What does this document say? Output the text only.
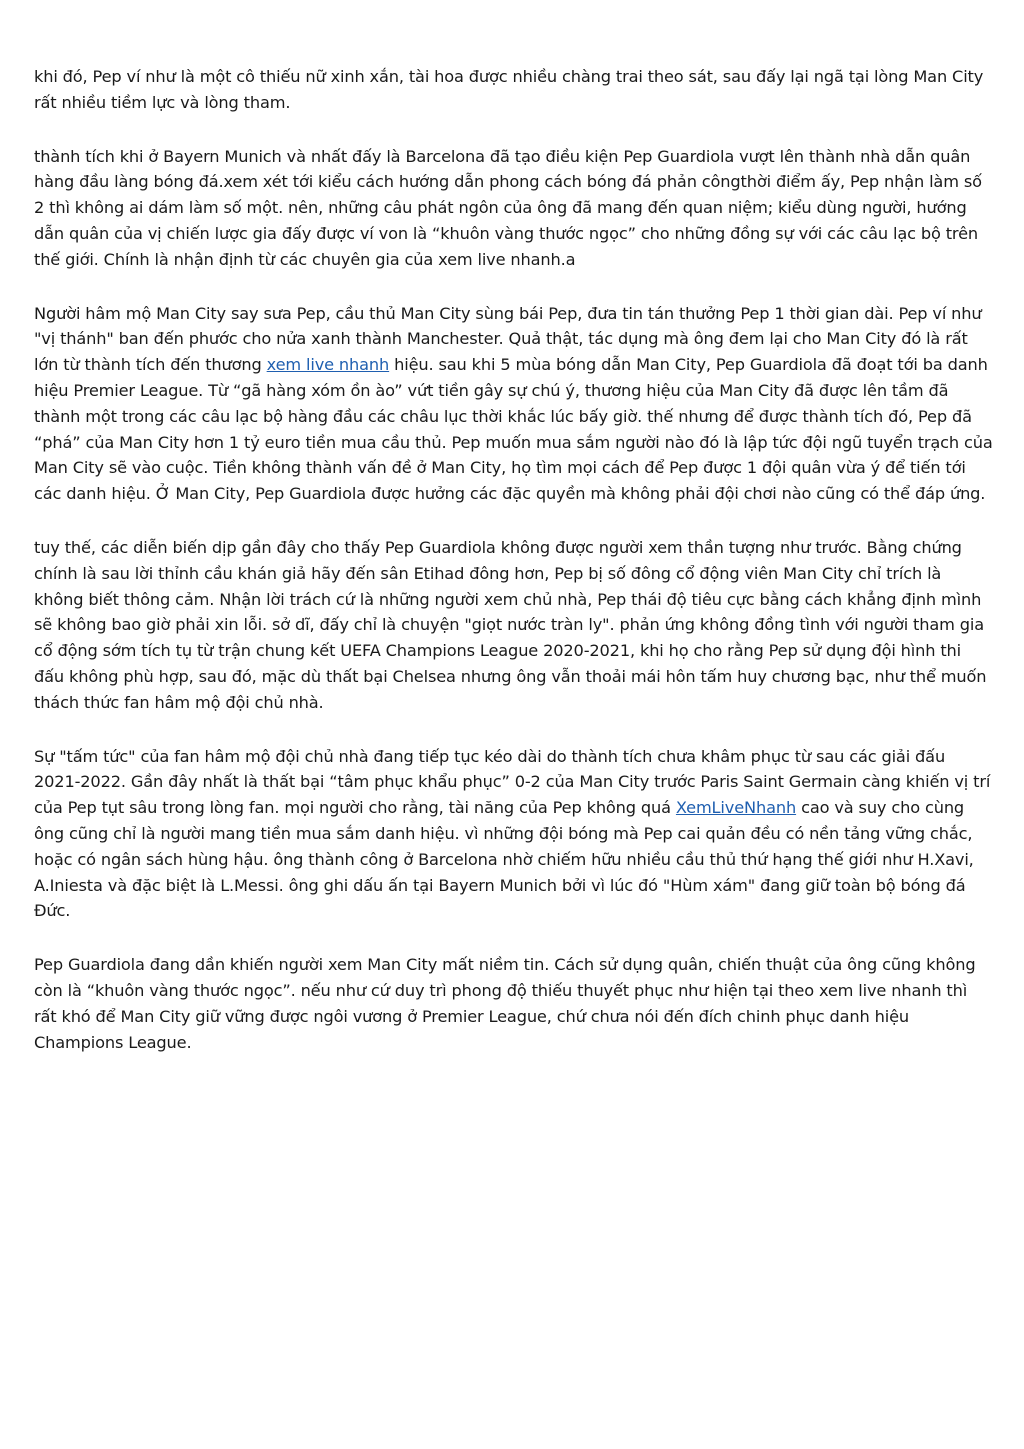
khi đó, Pep ví như là một cô thiếu nữ xinh xắn, tài hoa được nhiều chàng trai theo sát, sau đấy lại ngã tại lòng Man City rất nhiều tiềm lực và lòng tham.

thành tích khi ở Bayern Munich và nhất đấy là Barcelona đã tạo điều kiện Pep Guardiola vượt lên thành nhà dẫn quân hàng đầu làng bóng đá.xem xét tới kiểu cách hướng dẫn phong cách bóng đá phản côngthời điểm ấy, Pep nhận làm số 2 thì không ai dám làm số một. nên, những câu phát ngôn của ông đã mang đến quan niệm; kiểu dùng người, hướng dẫn quân của vị chiến lược gia đấy được ví von là “khuôn vàng thước ngọc” cho những đồng sự với các câu lạc bộ trên thế giới. Chính là nhận định từ các chuyên gia của xem live nhanh.a

Người hâm mộ Man City say sưa Pep, cầu thủ Man City sùng bái Pep, đưa tin tán thưởng Pep 1 thời gian dài. Pep ví như "vị thánh" ban đến phước cho nửa xanh thành Manchester. Quả thật, tác dụng mà ông đem lại cho Man City đó là rất lớn từ thành tích đến thương xem live nhanh hiệu. sau khi 5 mùa bóng dẫn Man City, Pep Guardiola đã đoạt tới ba danh hiệu Premier League. Từ “gã hàng xóm ồn ào” vứt tiền gây sự chú ý, thương hiệu của Man City đã được lên tầm đã thành một trong các câu lạc bộ hàng đầu các châu lục thời khắc lúc bấy giờ. thế nhưng để được thành tích đó, Pep đã “phá” của Man City hơn 1 tỷ euro tiền mua cầu thủ. Pep muốn mua sắm người nào đó là lập tức đội ngũ tuyển trạch của Man City sẽ vào cuộc. Tiền không thành vấn đề ở Man City, họ tìm mọi cách để Pep được 1 đội quân vừa ý để tiến tới các danh hiệu. Ở Man City, Pep Guardiola được hưởng các đặc quyền mà không phải đội chơi nào cũng có thể đáp ứng.

tuy thế, các diễn biến dịp gần đây cho thấy Pep Guardiola không được người xem thần tượng như trước. Bằng chứng chính là sau lời thỉnh cầu khán giả hãy đến sân Etihad đông hơn, Pep bị số đông cổ động viên Man City chỉ trích là không biết thông cảm. Nhận lời trách cứ là những người xem chủ nhà, Pep thái độ tiêu cực bằng cách khẳng định mình sẽ không bao giờ phải xin lỗi. sở dĩ, đấy chỉ là chuyện "giọt nước tràn ly". phản ứng không đồng tình với người tham gia cổ động sớm tích tụ từ trận chung kết UEFA Champions League 2020-2021, khi họ cho rằng Pep sử dụng đội hình thi đấu không phù hợp, sau đó, mặc dù thất bại Chelsea nhưng ông vẫn thoải mái hôn tấm huy chương bạc, như thể muốn thách thức fan hâm mộ đội chủ nhà.

Sự "tấm tức" của fan hâm mộ đội chủ nhà đang tiếp tục kéo dài do thành tích chưa khâm phục từ sau các giải đấu 2021-2022. Gần đây nhất là thất bại “tâm phục khẩu phục” 0-2 của Man City trước Paris Saint Germain càng khiến vị trí của Pep tụt sâu trong lòng fan. mọi người cho rằng, tài năng của Pep không quá XemLiveNhanh cao và suy cho cùng ông cũng chỉ là người mang tiền mua sắm danh hiệu. vì những đội bóng mà Pep cai quản đều có nền tảng vững chắc, hoặc có ngân sách hùng hậu. ông thành công ở Barcelona nhờ chiếm hữu nhiều cầu thủ thứ hạng thế giới như H.Xavi, A.Iniesta và đặc biệt là L.Messi. ông ghi dấu ấn tại Bayern Munich bởi vì lúc đó "Hùm xám" đang giữ toàn bộ bóng đá Đức.

Pep Guardiola đang dần khiến người xem Man City mất niềm tin. Cách sử dụng quân, chiến thuật của ông cũng không còn là “khuôn vàng thước ngọc”. nếu như cứ duy trì phong độ thiếu thuyết phục như hiện tại theo xem live nhanh thì rất khó để Man City giữ vững được ngôi vương ở Premier League, chứ chưa nói đến đích chinh phục danh hiệu Champions League.
